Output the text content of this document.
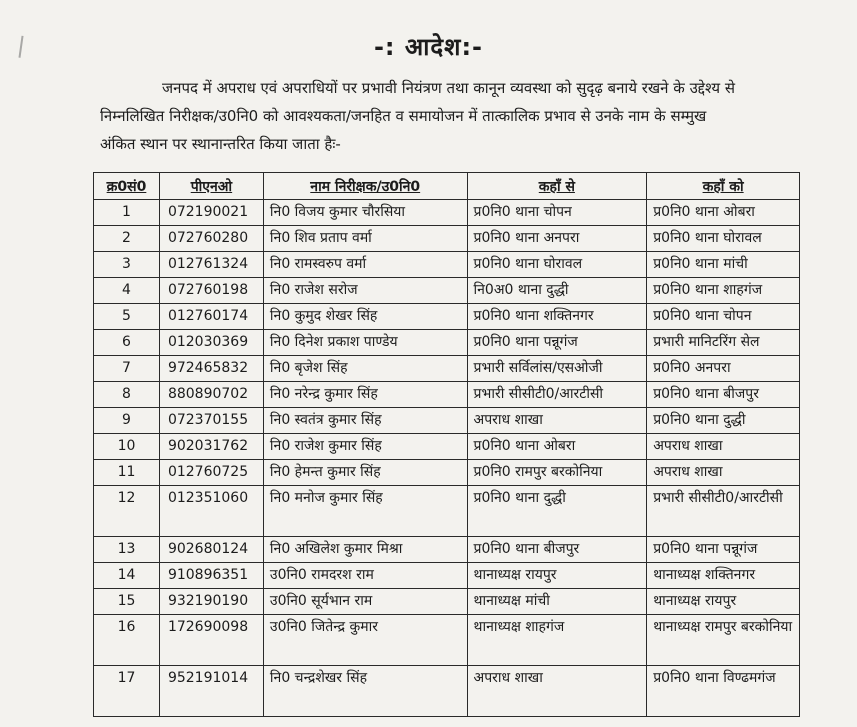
-: आदेश:-
जनपद में अपराध एवं अपराधियों पर प्रभावी नियंत्रण तथा कानून व्यवस्था को सुदृढ़ बनाये रखने के उद्देश्य से
निम्नलिखित निरीक्षक/उ0नि0 को आवश्यकता/जनहित व समायोजन में तात्कालिक प्रभाव से उनके नाम के सम्मुख
अंकित स्थान पर स्थानान्तरित किया जाता हैः-
क्र0सं0	पीएनओ	नाम निरीक्षक/उ0नि0	कहाँ से	कहाँ को
1	072190021	नि0 विजय कुमार चौरसिया	प्र0नि0 थाना चोपन	प्र0नि0 थाना ओबरा
2	072760280	नि0 शिव प्रताप वर्मा	प्र0नि0 थाना अनपरा	प्र0नि0 थाना घोरावल
3	012761324	नि0 रामस्वरुप वर्मा	प्र0नि0 थाना घोरावल	प्र0नि0 थाना मांची
4	072760198	नि0 राजेश सरोज	नि0अ0 थाना दुद्धी	प्र0नि0 थाना शाहगंज
5	012760174	नि0 कुमुद शेखर सिंह	प्र0नि0 थाना शक्तिनगर	प्र0नि0 थाना चोपन
6	012030369	नि0 दिनेश प्रकाश पाण्डेय	प्र0नि0 थाना पन्नूगंज	प्रभारी मानिटरिंग सेल
7	972465832	नि0 बृजेश सिंह	प्रभारी सर्विलांस/एसओजी	प्र0नि0 अनपरा
8	880890702	नि0 नरेन्द्र कुमार सिंह	प्रभारी सीसीटी0/आरटीसी	प्र0नि0 थाना बीजपुर
9	072370155	नि0 स्वतंत्र कुमार सिंह	अपराध शाखा	प्र0नि0 थाना दुद्धी
10	902031762	नि0 राजेश कुमार सिंह	प्र0नि0 थाना ओबरा	अपराध शाखा
11	012760725	नि0 हेमन्त कुमार सिंह	प्र0नि0 रामपुर बरकोनिया	अपराध शाखा
12	012351060	नि0 मनोज कुमार सिंह	प्र0नि0 थाना दुद्धी	प्रभारी सीसीटी0/आरटीसी
13	902680124	नि0 अखिलेश कुमार मिश्रा	प्र0नि0 थाना बीजपुर	प्र0नि0 थाना पन्नूगंज
14	910896351	उ0नि0 रामदरश राम	थानाध्यक्ष रायपुर	थानाध्यक्ष शक्तिनगर
15	932190190	उ0नि0 सूर्यभान राम	थानाध्यक्ष मांची	थानाध्यक्ष रायपुर
16	172690098	उ0नि0 जितेन्द्र कुमार	थानाध्यक्ष शाहगंज	थानाध्यक्ष रामपुर बरकोनिया
17	952191014	नि0 चन्द्रशेखर सिंह	अपराध शाखा	प्र0नि0 थाना विण्ढमगंज
